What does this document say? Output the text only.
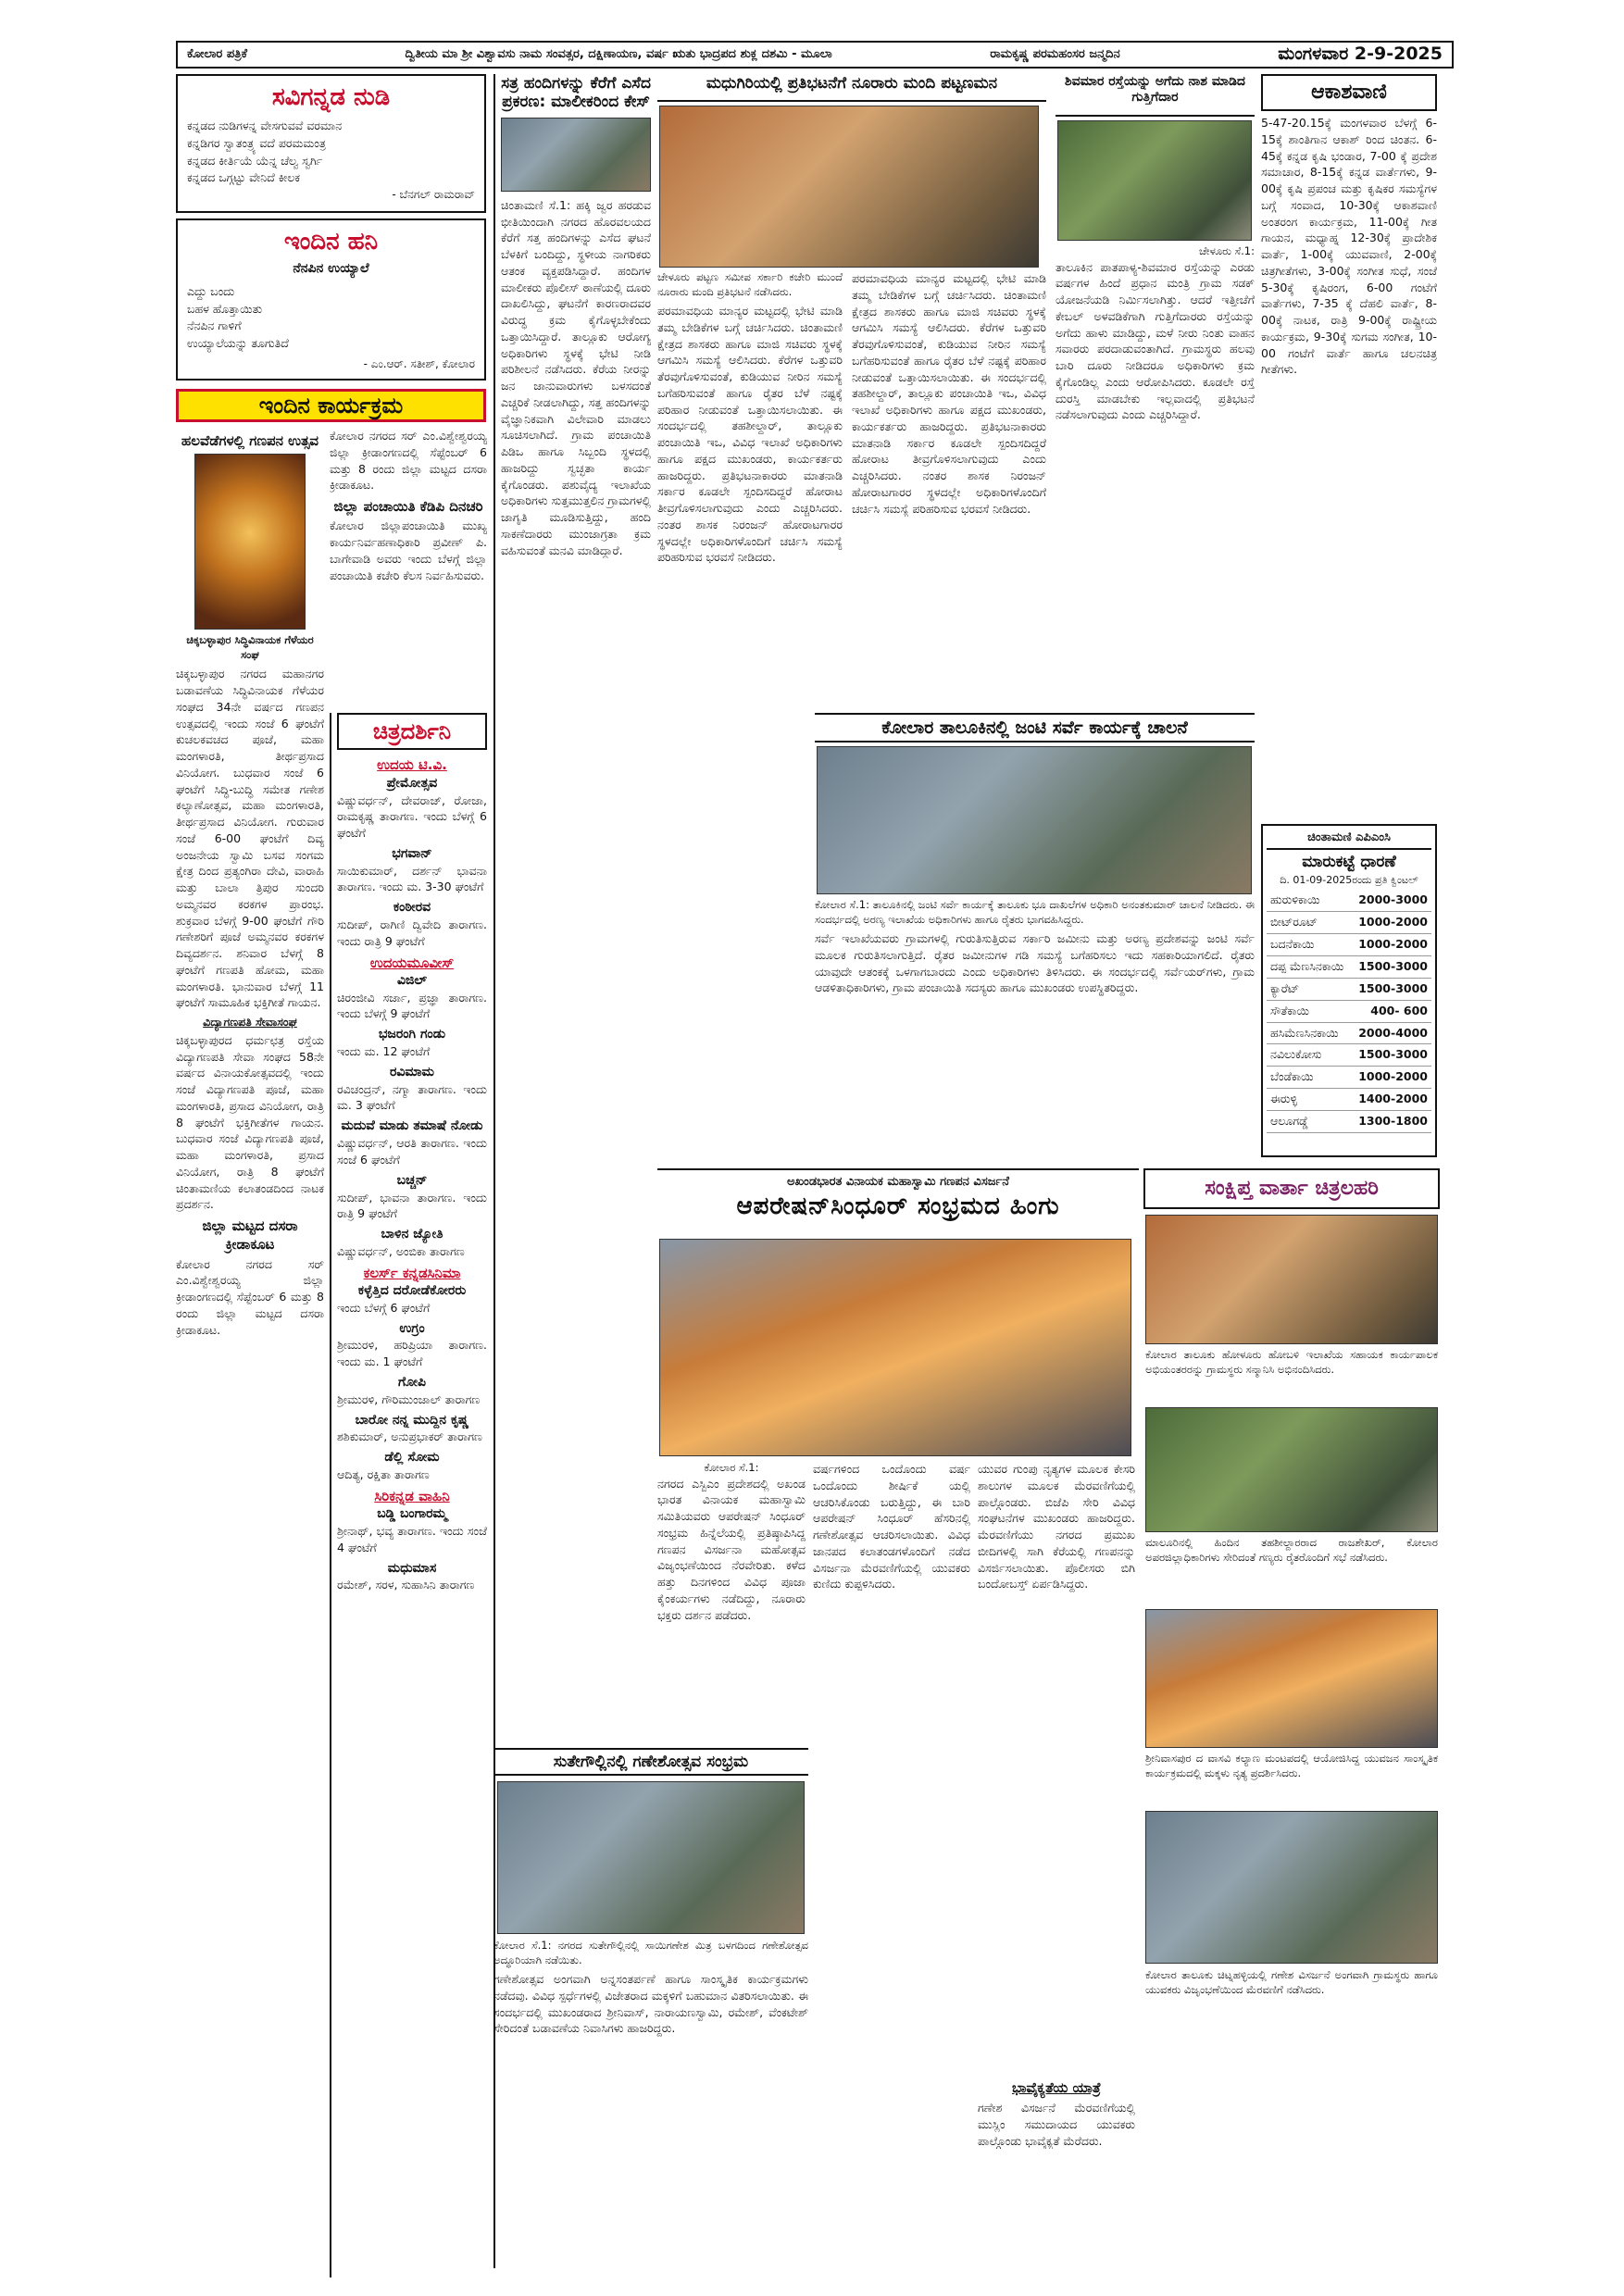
ಕೋಲಾರ ಪತ್ರಿಕೆ	ದ್ವಿತೀಯ ಮಾ ಶ್ರೀ ವಿಶ್ವಾವಸು ನಾಮ ಸಂವತ್ಸರ, ದಕ್ಷಿಣಾಯಣ, ವರ್ಷ ಋತು ಭಾದ್ರಪದ ಶುಕ್ಲ ದಶಮಿ - ಮೂಲಾ	ರಾಮಕೃಷ್ಣ ಪರಮಹಂಸರ ಜನ್ಮದಿನ	ಮಂಗಳವಾರ 2-9-2025
ಸವಿಗನ್ನಡ ನುಡಿ
ಕನ್ನಡದ ನುಡಿಗಳನ್ನ ವೇಸಗುವವೆ ವರಮಾನ
ಕನ್ನಡಿಗರ ಸ್ವಾತಂತ್ರ್ಯ ವದೆ ಪರಮಮಂತ್ರ
ಕನ್ನಡದ ಕೀರ್ತಿಯೆ ಯೆನ್ನ ಚೆಲ್ವ ಸ್ವರ್ಗಿ
ಕನ್ನಡದ ಒಗ್ಗಟ್ಟು ವೇನಿದೆ ಕೀಲಕ
- ಬೆನಗಲ್ ರಾಮರಾವ್
ಇಂದಿನ ಹನಿ
ನೆನಪಿನ ಉಯ್ಯಾಲೆ
ಎದ್ದು ಬಂದು
ಬಹಳ ಹೊತ್ತಾಯಿತು
ನೆನಪಿನ ಗಾಳಿಗೆ
ಉಯ್ಯಾಲೆಯನ್ನು ತೂಗುತಿದೆ
- ಎಂ.ಆರ್. ಸತೀಶ್, ಕೋಲಾರ
ಇಂದಿನ ಕಾರ್ಯಕ್ರಮ
ಹಲವೆಡೆಗಳಲ್ಲಿ ಗಣಪನ ಉತ್ಸವ
ಚಿಕ್ಕಬಳ್ಳಾಪುರ ಸಿದ್ಧಿವಿನಾಯಕ ಗೆಳೆಯರ ಸಂಘ
ಚಿಕ್ಕಬಳ್ಳಾಪುರ ನಗರದ ಮಹಾನಗರ ಬಡಾವಣೆಯ ಸಿದ್ಧಿವಿನಾಯಕ ಗೆಳೆಯರ ಸಂಘದ 34ನೇ ವರ್ಷದ ಗಣಪನ ಉತ್ಸವದಲ್ಲಿ ಇಂದು ಸಂಜೆ 6 ಘಂಟೆಗೆ ಕುಚಲಕವಚದ ಪೂಜೆ, ಮಹಾ ಮಂಗಳಾರತಿ, ತೀರ್ಥಪ್ರಸಾದ ವಿನಿಯೋಗ. ಬುಧವಾರ ಸಂಜೆ 6 ಘಂಟೆಗೆ ಸಿದ್ಧಿ-ಬುದ್ಧಿ ಸಮೇತ ಗಣೇಶ ಕಲ್ಯಾಣೋತ್ಸವ, ಮಹಾ ಮಂಗಳಾರತಿ, ತೀರ್ಥಪ್ರಸಾದ ವಿನಿಯೋಗ. ಗುರುವಾರ ಸಂಜೆ 6-00 ಘಂಟೆಗೆ ದಿವ್ಯ ಅಂಜನೇಯ ಸ್ವಾಮಿ ಬಸವ ಸಂಗಮ ಕ್ಷೇತ್ರ ದಿಂದ ಪ್ರತ್ಯಂಗಿರಾ ದೇವಿ, ವಾರಾಹಿ ಮತ್ತು ಬಾಲಾ ತ್ರಿಪುರ ಸುಂದರಿ ಅಮ್ಮನವರ ಕರಕಗಳ ಪ್ರಾರಂಭ. ಶುಕ್ರವಾರ ಬೆಳಗ್ಗೆ 9-00 ಘಂಟೆಗೆ ಗೌರಿ ಗಣೇಶರಿಗೆ ಪೂಜೆ ಅಮ್ಮನವರ ಕರಕಗಳ ದಿವ್ಯದರ್ಶನ. ಶನಿವಾರ ಬೆಳಗ್ಗೆ 8 ಘಂಟೆಗೆ ಗಣಪತಿ ಹೋಮ, ಮಹಾ ಮಂಗಳಾರತಿ. ಭಾನುವಾರ ಬೆಳಗ್ಗೆ 11 ಘಂಟೆಗೆ ಸಾಮೂಹಿಕ ಭಕ್ತಿಗೀತೆ ಗಾಯನ.
ವಿದ್ಯಾಗಣಪತಿ ಸೇವಾಸಂಘ
ಚಿಕ್ಕಬಳ್ಳಾಪುರದ ಧರ್ಮಛತ್ರ ರಸ್ತೆಯ ವಿದ್ಯಾಗಣಪತಿ ಸೇವಾ ಸಂಘದ 58ನೇ ವರ್ಷದ ವಿನಾಯಕೋತ್ಸವದಲ್ಲಿ ಇಂದು ಸಂಜೆ ವಿದ್ಯಾಗಣಪತಿ ಪೂಜೆ, ಮಹಾ ಮಂಗಳಾರತಿ, ಪ್ರಸಾದ ವಿನಿಯೋಗ, ರಾತ್ರಿ 8 ಘಂಟೆಗೆ ಭಕ್ತಿಗೀತೆಗಳ ಗಾಯನ. ಬುಧವಾರ ಸಂಜೆ ವಿದ್ಯಾಗಣಪತಿ ಪೂಜೆ, ಮಹಾ ಮಂಗಳಾರತಿ, ಪ್ರಸಾದ ವಿನಿಯೋಗ, ರಾತ್ರಿ 8 ಘಂಟೆಗೆ ಚಿಂತಾಮಣಿಯ ಕಲಾತಂಡದಿಂದ ನಾಟಕ ಪ್ರದರ್ಶನ.
ಜಿಲ್ಲಾ ಮಟ್ಟದ ದಸರಾ ಕ್ರೀಡಾಕೂಟ
ಕೋಲಾರ ನಗರದ ಸರ್ ಎಂ.ವಿಶ್ವೇಶ್ವರಯ್ಯ ಜಿಲ್ಲಾ ಕ್ರೀಡಾಂಗಣದಲ್ಲಿ ಸೆಪ್ಟೆಂಬರ್ 6 ಮತ್ತು 8 ರಂದು ಜಿಲ್ಲಾ ಮಟ್ಟದ ದಸರಾ ಕ್ರೀಡಾಕೂಟ.
ಕೋಲಾರ ನಗರದ ಸರ್ ಎಂ.ವಿಶ್ವೇಶ್ವರಯ್ಯ ಜಿಲ್ಲಾ ಕ್ರೀಡಾಂಗಣದಲ್ಲಿ ಸೆಪ್ಟೆಂಬರ್ 6 ಮತ್ತು 8 ರಂದು ಜಿಲ್ಲಾ ಮಟ್ಟದ ದಸರಾ ಕ್ರೀಡಾಕೂಟ.
ಜಿಲ್ಲಾ ಪಂಚಾಯಿತಿ ಕೆಡಿಪಿ ದಿನಚರಿ
ಕೋಲಾರ ಜಿಲ್ಲಾಪಂಚಾಯಿತಿ ಮುಖ್ಯ ಕಾರ್ಯನಿರ್ವಹಣಾಧಿಕಾರಿ ಪ್ರವೀಣ್ ಪಿ. ಬಾಗೇವಾಡಿ ಅವರು ಇಂದು ಬೆಳಗ್ಗೆ ಜಿಲ್ಲಾ ಪಂಚಾಯಿತಿ ಕಚೇರಿ ಕೆಲಸ ನಿರ್ವಹಿಸುವರು.
ಚಿತ್ರದರ್ಶಿನಿ
ಉದಯ ಟಿ.ವಿ.
ಪ್ರೇಮೋತ್ಸವ
ವಿಷ್ಣುವರ್ಧನ್, ದೇವರಾಜ್, ರೋಜಾ, ರಾಮಕೃಷ್ಣ ತಾರಾಗಣ. ಇಂದು ಬೆಳಗ್ಗೆ 6 ಘಂಟೆಗೆ
ಭಗವಾನ್
ಸಾಯಿಕುಮಾರ್, ದರ್ಶನ್ ಭಾವನಾ ತಾರಾಗಣ. ಇಂದು ಮ. 3-30 ಘಂಟೆಗೆ
ಕಂಠೀರವ
ಸುದೀಪ್, ರಾಗಿಣಿ ದ್ವಿವೇದಿ ತಾರಾಗಣ. ಇಂದು ರಾತ್ರಿ 9 ಘಂಟೆಗೆ
ಉದಯಮೂವೀಸ್
ವಿಜಿಲ್
ಚಿರಂಜೀವಿ ಸರ್ಜಾ, ಪ್ರಜ್ಞಾ ತಾರಾಗಣ. ಇಂದು ಬೆಳಗ್ಗೆ 9 ಘಂಟೆಗೆ
ಭಜರಂಗಿ ಗಂಡು
ಇಂದು ಮ. 12 ಘಂಟೆಗೆ
ರವಿಮಾಮ
ರವಿಚಂದ್ರನ್, ನಗ್ಮಾ ತಾರಾಗಣ. ಇಂದು ಮ. 3 ಘಂಟೆಗೆ
ಮದುವೆ ಮಾಡು ತಮಾಷೆ ನೋಡು
ವಿಷ್ಣುವರ್ಧನ್, ಆರತಿ ತಾರಾಗಣ. ಇಂದು ಸಂಜೆ 6 ಘಂಟೆಗೆ
ಬಚ್ಚನ್
ಸುದೀಪ್, ಭಾವನಾ ತಾರಾಗಣ. ಇಂದು ರಾತ್ರಿ 9 ಘಂಟೆಗೆ
ಬಾಳಿನ ಜ್ಯೋತಿ
ವಿಷ್ಣುವರ್ಧನ್, ಅಂಬಿಕಾ ತಾರಾಗಣ
ಕಲರ್ಸ್ ಕನ್ನಡಸಿನಿಮಾ
ಕಳ್ಳೆತ್ತಿದ ದರೋಡೆಕೋರರು
ಇಂದು ಬೆಳಗ್ಗೆ 6 ಘಂಟೆಗೆ
ಉಗ್ರಂ
ಶ್ರೀಮುರಳಿ, ಹರಿಪ್ರಿಯಾ ತಾರಾಗಣ. ಇಂದು ಮ. 1 ಘಂಟೆಗೆ
ಗೋಪಿ
ಶ್ರೀಮುರಳಿ, ಗೌರಿಮುಂಜಾಲ್ ತಾರಾಗಣ
ಬಾರೋ ನನ್ನ ಮುದ್ದಿನ ಕೃಷ್ಣ
ಶಶಿಕುಮಾರ್, ಅನುಪ್ರಭಾಕರ್ ತಾರಾಗಣ
ಡೆಲ್ಲಿ ಸೋಮ
ಆದಿತ್ಯ, ರಕ್ಷಿತಾ ತಾರಾಗಣ
ಸಿರಿಕನ್ನಡ ವಾಹಿನಿ
ಬಡ್ಡಿ ಬಂಗಾರಮ್ಮ
ಶ್ರೀನಾಥ್, ಭವ್ಯ ತಾರಾಗಣ. ಇಂದು ಸಂಜೆ 4 ಘಂಟೆಗೆ
ಮಧುಮಾಸ
ರಮೇಶ್, ಸರಳ, ಸುಹಾಸಿನಿ ತಾರಾಗಣ
ಸತ್ರ ಹಂದಿಗಳನ್ನು ಕೆರೆಗೆ ಎಸೆದ ಪ್ರಕರಣ: ಮಾಲೀಕರಿಂದ ಕೇಸ್
ಚಿಂತಾಮಣಿ ಸೆ.1: ಹಕ್ಕಿ ಜ್ವರ ಹರಡುವ ಭೀತಿಯಿಂದಾಗಿ ನಗರದ ಹೊರವಲಯದ ಕೆರೆಗೆ ಸತ್ತ ಹಂದಿಗಳನ್ನು ಎಸೆದ ಘಟನೆ ಬೆಳಕಿಗೆ ಬಂದಿದ್ದು, ಸ್ಥಳೀಯ ನಾಗರಿಕರು ಆತಂಕ ವ್ಯಕ್ತಪಡಿಸಿದ್ದಾರೆ. ಹಂದಿಗಳ ಮಾಲೀಕರು ಪೊಲೀಸ್ ಠಾಣೆಯಲ್ಲಿ ದೂರು ದಾಖಲಿಸಿದ್ದು, ಘಟನೆಗೆ ಕಾರಣರಾದವರ ವಿರುದ್ಧ ಕ್ರಮ ಕೈಗೊಳ್ಳಬೇಕೆಂದು ಒತ್ತಾಯಿಸಿದ್ದಾರೆ. ತಾಲ್ಲೂಕು ಆರೋಗ್ಯ ಅಧಿಕಾರಿಗಳು ಸ್ಥಳಕ್ಕೆ ಭೇಟಿ ನೀಡಿ ಪರಿಶೀಲನೆ ನಡೆಸಿದರು. ಕೆರೆಯ ನೀರನ್ನು ಜನ ಜಾನುವಾರುಗಳು ಬಳಸದಂತೆ ಎಚ್ಚರಿಕೆ ನೀಡಲಾಗಿದ್ದು, ಸತ್ತ ಹಂದಿಗಳನ್ನು ವೈಜ್ಞಾನಿಕವಾಗಿ ವಿಲೇವಾರಿ ಮಾಡಲು ಸೂಚಿಸಲಾಗಿದೆ. ಗ್ರಾಮ ಪಂಚಾಯಿತಿ ಪಿಡಿಒ ಹಾಗೂ ಸಿಬ್ಬಂದಿ ಸ್ಥಳದಲ್ಲಿ ಹಾಜರಿದ್ದು ಸ್ವಚ್ಛತಾ ಕಾರ್ಯ ಕೈಗೊಂಡರು. ಪಶುವೈದ್ಯ ಇಲಾಖೆಯ ಅಧಿಕಾರಿಗಳು ಸುತ್ತಮುತ್ತಲಿನ ಗ್ರಾಮಗಳಲ್ಲಿ ಜಾಗೃತಿ ಮೂಡಿಸುತ್ತಿದ್ದು, ಹಂದಿ ಸಾಕಣೆದಾರರು ಮುಂಜಾಗ್ರತಾ ಕ್ರಮ ವಹಿಸುವಂತೆ ಮನವಿ ಮಾಡಿದ್ದಾರೆ.
ಮಧುಗಿರಿಯಲ್ಲಿ ಪ್ರತಿಭಟನೆಗೆ ನೂರಾರು ಮಂದಿ ಪಟ್ಟಣಮನ
ಚೇಳೂರು ಪಟ್ಟಣ ಸಮೀಪ ಸರ್ಕಾರಿ ಕಚೇರಿ ಮುಂದೆ ನೂರಾರು ಮಂದಿ ಪ್ರತಿಭಟನೆ ನಡೆಸಿದರು.
ಪರಮಾವಧಿಯ ಮಾನ್ಯರ ಮಟ್ಟದಲ್ಲಿ ಭೇಟಿ ಮಾಡಿ ತಮ್ಮ ಬೇಡಿಕೆಗಳ ಬಗ್ಗೆ ಚರ್ಚಿಸಿದರು. ಚಿಂತಾಮಣಿ ಕ್ಷೇತ್ರದ ಶಾಸಕರು ಹಾಗೂ ಮಾಜಿ ಸಚಿವರು ಸ್ಥಳಕ್ಕೆ ಆಗಮಿಸಿ ಸಮಸ್ಯೆ ಆಲಿಸಿದರು. ಕೆರೆಗಳ ಒತ್ತುವರಿ ತೆರವುಗೊಳಿಸುವಂತೆ, ಕುಡಿಯುವ ನೀರಿನ ಸಮಸ್ಯೆ ಬಗೆಹರಿಸುವಂತೆ ಹಾಗೂ ರೈತರ ಬೆಳೆ ನಷ್ಟಕ್ಕೆ ಪರಿಹಾರ ನೀಡುವಂತೆ ಒತ್ತಾಯಿಸಲಾಯಿತು. ಈ ಸಂದರ್ಭದಲ್ಲಿ ತಹಶೀಲ್ದಾರ್, ತಾಲ್ಲೂಕು ಪಂಚಾಯಿತಿ ಇಒ, ವಿವಿಧ ಇಲಾಖೆ ಅಧಿಕಾರಿಗಳು ಹಾಗೂ ಪಕ್ಷದ ಮುಖಂಡರು, ಕಾರ್ಯಕರ್ತರು ಹಾಜರಿದ್ದರು. ಪ್ರತಿಭಟನಾಕಾರರು ಮಾತನಾಡಿ ಸರ್ಕಾರ ಕೂಡಲೇ ಸ್ಪಂದಿಸದಿದ್ದರೆ ಹೋರಾಟ ತೀವ್ರಗೊಳಿಸಲಾಗುವುದು ಎಂದು ಎಚ್ಚರಿಸಿದರು. ನಂತರ ಶಾಸಕ ನಿರಂಜನ್ ಹೋರಾಟಗಾರರ ಸ್ಥಳದಲ್ಲೇ ಅಧಿಕಾರಿಗಳೊಂದಿಗೆ ಚರ್ಚಿಸಿ ಸಮಸ್ಯೆ ಪರಿಹರಿಸುವ ಭರವಸೆ ನೀಡಿದರು.
ಪರಮಾವಧಿಯ ಮಾನ್ಯರ ಮಟ್ಟದಲ್ಲಿ ಭೇಟಿ ಮಾಡಿ ತಮ್ಮ ಬೇಡಿಕೆಗಳ ಬಗ್ಗೆ ಚರ್ಚಿಸಿದರು. ಚಿಂತಾಮಣಿ ಕ್ಷೇತ್ರದ ಶಾಸಕರು ಹಾಗೂ ಮಾಜಿ ಸಚಿವರು ಸ್ಥಳಕ್ಕೆ ಆಗಮಿಸಿ ಸಮಸ್ಯೆ ಆಲಿಸಿದರು. ಕೆರೆಗಳ ಒತ್ತುವರಿ ತೆರವುಗೊಳಿಸುವಂತೆ, ಕುಡಿಯುವ ನೀರಿನ ಸಮಸ್ಯೆ ಬಗೆಹರಿಸುವಂತೆ ಹಾಗೂ ರೈತರ ಬೆಳೆ ನಷ್ಟಕ್ಕೆ ಪರಿಹಾರ ನೀಡುವಂತೆ ಒತ್ತಾಯಿಸಲಾಯಿತು. ಈ ಸಂದರ್ಭದಲ್ಲಿ ತಹಶೀಲ್ದಾರ್, ತಾಲ್ಲೂಕು ಪಂಚಾಯಿತಿ ಇಒ, ವಿವಿಧ ಇಲಾಖೆ ಅಧಿಕಾರಿಗಳು ಹಾಗೂ ಪಕ್ಷದ ಮುಖಂಡರು, ಕಾರ್ಯಕರ್ತರು ಹಾಜರಿದ್ದರು. ಪ್ರತಿಭಟನಾಕಾರರು ಮಾತನಾಡಿ ಸರ್ಕಾರ ಕೂಡಲೇ ಸ್ಪಂದಿಸದಿದ್ದರೆ ಹೋರಾಟ ತೀವ್ರಗೊಳಿಸಲಾಗುವುದು ಎಂದು ಎಚ್ಚರಿಸಿದರು. ನಂತರ ಶಾಸಕ ನಿರಂಜನ್ ಹೋರಾಟಗಾರರ ಸ್ಥಳದಲ್ಲೇ ಅಧಿಕಾರಿಗಳೊಂದಿಗೆ ಚರ್ಚಿಸಿ ಸಮಸ್ಯೆ ಪರಿಹರಿಸುವ ಭರವಸೆ ನೀಡಿದರು.
ಶಿವಮಾರ ರಸ್ತೆಯನ್ನು ಅಗೆದು ನಾಶ ಮಾಡಿದ ಗುತ್ತಿಗೆದಾರ
ಚೇಳೂರು ಸೆ.1:
ತಾಲೂಕಿನ ಪಾತಪಾಳ್ಯ-ಶಿವಮಾರ ರಸ್ತೆಯನ್ನು ಎರಡು ವರ್ಷಗಳ ಹಿಂದೆ ಪ್ರಧಾನ ಮಂತ್ರಿ ಗ್ರಾಮ ಸಡಕ್ ಯೋಜನೆಯಡಿ ನಿರ್ಮಿಸಲಾಗಿತ್ತು. ಆದರೆ ಇತ್ತೀಚೆಗೆ ಕೇಬಲ್ ಅಳವಡಿಕೆಗಾಗಿ ಗುತ್ತಿಗೆದಾರರು ರಸ್ತೆಯನ್ನು ಅಗೆದು ಹಾಳು ಮಾಡಿದ್ದು, ಮಳೆ ನೀರು ನಿಂತು ವಾಹನ ಸವಾರರು ಪರದಾಡುವಂತಾಗಿದೆ. ಗ್ರಾಮಸ್ಥರು ಹಲವು ಬಾರಿ ದೂರು ನೀಡಿದರೂ ಅಧಿಕಾರಿಗಳು ಕ್ರಮ ಕೈಗೊಂಡಿಲ್ಲ ಎಂದು ಆರೋಪಿಸಿದರು. ಕೂಡಲೇ ರಸ್ತೆ ದುರಸ್ತಿ ಮಾಡಬೇಕು ಇಲ್ಲವಾದಲ್ಲಿ ಪ್ರತಿಭಟನೆ ನಡೆಸಲಾಗುವುದು ಎಂದು ಎಚ್ಚರಿಸಿದ್ದಾರೆ.
ಆಕಾಶವಾಣಿ
5-47-20.15ಕ್ಕೆ ಮಂಗಳವಾರ ಬೆಳಗ್ಗೆ 6-15ಕ್ಕೆ ಶಾಂತಿಗಾನ ಆಕಾಶ್ ರಿಂದ ಚಿಂತನ. 6-45ಕ್ಕೆ ಕನ್ನಡ ಕೃಷಿ ಭಂಡಾರ, 7-00 ಕ್ಕೆ ಪ್ರದೇಶ ಸಮಾಚಾರ, 8-15ಕ್ಕೆ ಕನ್ನಡ ವಾರ್ತೆಗಳು, 9-00ಕ್ಕೆ ಕೃಷಿ ಪ್ರಪಂಚ ಮತ್ತು ಕೃಷಿಕರ ಸಮಸ್ಯೆಗಳ ಬಗ್ಗೆ ಸಂವಾದ, 10-30ಕ್ಕೆ ಆಕಾಶವಾಣಿ ಅಂತರಂಗ ಕಾರ್ಯಕ್ರಮ, 11-00ಕ್ಕೆ ಗೀತ ಗಾಯನ, ಮಧ್ಯಾಹ್ನ 12-30ಕ್ಕೆ ಪ್ರಾದೇಶಿಕ ವಾರ್ತೆ, 1-00ಕ್ಕೆ ಯುವವಾಣಿ, 2-00ಕ್ಕೆ ಚಿತ್ರಗೀತೆಗಳು, 3-00ಕ್ಕೆ ಸಂಗೀತ ಸುಧೆ, ಸಂಜೆ 5-30ಕ್ಕೆ ಕೃಷಿರಂಗ, 6-00 ಗಂಟೆಗೆ ವಾರ್ತೆಗಳು, 7-35 ಕ್ಕೆ ದೆಹಲಿ ವಾರ್ತೆ, 8-00ಕ್ಕೆ ನಾಟಕ, ರಾತ್ರಿ 9-00ಕ್ಕೆ ರಾಷ್ಟ್ರೀಯ ಕಾರ್ಯಕ್ರಮ, 9-30ಕ್ಕೆ ಸುಗಮ ಸಂಗೀತ, 10-00 ಗಂಟೆಗೆ ವಾರ್ತೆ ಹಾಗೂ ಚಲನಚಿತ್ರ ಗೀತೆಗಳು.
ಚಿಂತಾಮಣಿ ಎಪಿಎಂಸಿ
ಮಾರುಕಟ್ಟೆ ಧಾರಣೆ
ದಿ. 01-09-2025ರಂದು ಪ್ರತಿ ಕ್ವಿಂಟಲ್
ಹುರುಳಿಕಾಯಿ	2000-3000
ಬೀಟ್‌ರೂಟ್	1000-2000
ಬದನೆಕಾಯಿ	1000-2000
ದಪ್ಪ ಮೆಣಸಿನಕಾಯಿ	1500-3000
ಕ್ಯಾರೆಟ್	1500-3000
ಸೌತೆಕಾಯಿ	400- 600
ಹಸಿಮೆಣಸಿನಕಾಯಿ	2000-4000
ನವಿಲುಕೋಸು	1500-3000
ಬೆಂಡೆಕಾಯಿ	1000-2000
ಈರುಳ್ಳಿ	1400-2000
ಆಲೂಗಡ್ಡೆ	1300-1800
ಕೋಲಾರ ತಾಲೂಕಿನಲ್ಲಿ ಜಂಟಿ ಸರ್ವೆ ಕಾರ್ಯಕ್ಕೆ ಚಾಲನೆ
ಕೋಲಾರ ಸೆ.1: ತಾಲೂಕಿನಲ್ಲಿ ಜಂಟಿ ಸರ್ವೆ ಕಾರ್ಯಕ್ಕೆ ತಾಲೂಕು ಭೂ ದಾಖಲೆಗಳ ಅಧಿಕಾರಿ ಅನಂತಕುಮಾರ್ ಚಾಲನೆ ನೀಡಿದರು. ಈ ಸಂದರ್ಭದಲ್ಲಿ ಅರಣ್ಯ ಇಲಾಖೆಯ ಅಧಿಕಾರಿಗಳು ಹಾಗೂ ರೈತರು ಭಾಗವಹಿಸಿದ್ದರು.
ಸರ್ವೆ ಇಲಾಖೆಯವರು ಗ್ರಾಮಗಳಲ್ಲಿ ಗುರುತಿಸುತ್ತಿರುವ ಸರ್ಕಾರಿ ಜಮೀನು ಮತ್ತು ಅರಣ್ಯ ಪ್ರದೇಶವನ್ನು ಜಂಟಿ ಸರ್ವೆ ಮೂಲಕ ಗುರುತಿಸಲಾಗುತ್ತಿದೆ. ರೈತರ ಜಮೀನುಗಳ ಗಡಿ ಸಮಸ್ಯೆ ಬಗೆಹರಿಸಲು ಇದು ಸಹಕಾರಿಯಾಗಲಿದೆ. ರೈತರು ಯಾವುದೇ ಆತಂಕಕ್ಕೆ ಒಳಗಾಗಬಾರದು ಎಂದು ಅಧಿಕಾರಿಗಳು ತಿಳಿಸಿದರು. ಈ ಸಂದರ್ಭದಲ್ಲಿ ಸರ್ವೆಯರ್‌ಗಳು, ಗ್ರಾಮ ಆಡಳಿತಾಧಿಕಾರಿಗಳು, ಗ್ರಾಮ ಪಂಚಾಯಿತಿ ಸದಸ್ಯರು ಹಾಗೂ ಮುಖಂಡರು ಉಪಸ್ಥಿತರಿದ್ದರು.
ಅಖಂಡಭಾರತ ವಿನಾಯಕ ಮಹಾಸ್ವಾಮಿ ಗಣಪನ ವಿಸರ್ಜನೆ
ಆಪರೇಷನ್‌ಸಿಂಧೂರ್ ಸಂಭ್ರಮದ ಹಿಂಗು
ಕೋಲಾರ ಸೆ.1:
ನಗರದ ಎಸ್ಬಿಎಂ ಪ್ರದೇಶದಲ್ಲಿ ಅಖಂಡ ಭಾರತ ವಿನಾಯಕ ಮಹಾಸ್ವಾಮಿ ಸಮಿತಿಯವರು ಆಪರೇಷನ್ ಸಿಂಧೂರ್ ಸಂಭ್ರಮ ಹಿನ್ನೆಲೆಯಲ್ಲಿ ಪ್ರತಿಷ್ಠಾಪಿಸಿದ್ದ ಗಣಪನ ವಿಸರ್ಜನಾ ಮಹೋತ್ಸವ ವಿಜೃಂಭಣೆಯಿಂದ ನೆರವೇರಿತು. ಕಳೆದ ಹತ್ತು ದಿನಗಳಿಂದ ವಿವಿಧ ಪೂಜಾ ಕೈಂಕರ್ಯಗಳು ನಡೆದಿದ್ದು, ನೂರಾರು ಭಕ್ತರು ದರ್ಶನ ಪಡೆದರು.
ವರ್ಷಗಳಿಂದ ಒಂದೊಂದು ವರ್ಷ ಒಂದೊಂದು ಶೀರ್ಷಿಕೆ ಯಲ್ಲಿ ಆಚರಿಸಿಕೊಂಡು ಬರುತ್ತಿದ್ದು, ಈ ಬಾರಿ ಆಪರೇಷನ್ ಸಿಂಧೂರ್ ಹೆಸರಿನಲ್ಲಿ ಗಣೇಶೋತ್ಸವ ಆಚರಿಸಲಾಯಿತು. ವಿವಿಧ ಜಾನಪದ ಕಲಾತಂಡಗಳೊಂದಿಗೆ ನಡೆದ ವಿಸರ್ಜನಾ ಮೆರವಣಿಗೆಯಲ್ಲಿ ಯುವಕರು ಕುಣಿದು ಕುಪ್ಪಳಿಸಿದರು.
ಯುವರ ಗುಂಪು ನೃತ್ಯಗಳ ಮೂಲಕ ಕೇಸರಿ ಶಾಲುಗಳ ಮೂಲಕ ಮೆರವಣಿಗೆಯಲ್ಲಿ ಪಾಲ್ಗೊಂಡರು. ಬಿಜೆಪಿ ಸೇರಿ ವಿವಿಧ ಸಂಘಟನೆಗಳ ಮುಖಂಡರು ಹಾಜರಿದ್ದರು. ಮೆರವಣಿಗೆಯು ನಗರದ ಪ್ರಮುಖ ಬೀದಿಗಳಲ್ಲಿ ಸಾಗಿ ಕೆರೆಯಲ್ಲಿ ಗಣಪನನ್ನು ವಿಸರ್ಜಿಸಲಾಯಿತು. ಪೊಲೀಸರು ಬಿಗಿ ಬಂದೋಬಸ್ತ್ ಏರ್ಪಡಿಸಿದ್ದರು.
ಸುತೇಗೌಲ್ಲಿನಲ್ಲಿ ಗಣೇಶೋತ್ಸವ ಸಂಭ್ರಮ
ಕೋಲಾರ ಸೆ.1: ನಗರದ ಸುತೇಗೌಲ್ಲಿನಲ್ಲಿ ಸಾಯಿಗಣೇಶ ಮಿತ್ರ ಬಳಗದಿಂದ ಗಣೇಶೋತ್ಸವ ಅದ್ಧೂರಿಯಾಗಿ ನಡೆಯಿತು.
ಗಣೇಶೋತ್ಸವ ಅಂಗವಾಗಿ ಅನ್ನಸಂತರ್ಪಣೆ ಹಾಗೂ ಸಾಂಸ್ಕೃತಿಕ ಕಾರ್ಯಕ್ರಮಗಳು ನಡೆದವು. ವಿವಿಧ ಸ್ಪರ್ಧೆಗಳಲ್ಲಿ ವಿಜೇತರಾದ ಮಕ್ಕಳಿಗೆ ಬಹುಮಾನ ವಿತರಿಸಲಾಯಿತು. ಈ ಸಂದರ್ಭದಲ್ಲಿ ಮುಖಂಡರಾದ ಶ್ರೀನಿವಾಸ್, ನಾರಾಯಣಸ್ವಾಮಿ, ರಮೇಶ್, ವೆಂಕಟೇಶ್ ಸೇರಿದಂತೆ ಬಡಾವಣೆಯ ನಿವಾಸಿಗಳು ಹಾಜರಿದ್ದರು.
ಭಾವೈಕ್ಯತೆಯ ಯಾತ್ರೆ
ಗಣೇಶ ವಿಸರ್ಜನೆ ಮೆರವಣಿಗೆಯಲ್ಲಿ ಮುಸ್ಲಿಂ ಸಮುದಾಯದ ಯುವಕರು ಪಾಲ್ಗೊಂಡು ಭಾವೈಕ್ಯತೆ ಮೆರೆದರು.
ಸಂಕ್ಷಿಪ್ತ ವಾರ್ತಾ ಚಿತ್ರಲಹರಿ
ಕೋಲಾರ ತಾಲೂಕು ಹೋಳೂರು ಹೋಬಳಿ ಇಲಾಖೆಯ ಸಹಾಯಕ ಕಾರ್ಯಪಾಲಕ ಅಭಿಯಂತರರನ್ನು ಗ್ರಾಮಸ್ಥರು ಸನ್ಮಾನಿಸಿ ಅಭಿನಂದಿಸಿದರು.
ಮಾಲೂರಿನಲ್ಲಿ ಹಿಂದಿನ ತಹಶೀಲ್ದಾರರಾದ ರಾಜಶೇಖರ್, ಕೋಲಾರ ಅಪರಜಿಲ್ಲಾಧಿಕಾರಿಗಳು ಸೇರಿದಂತೆ ಗಣ್ಯರು ರೈತರೊಂದಿಗೆ ಸಭೆ ನಡೆಸಿದರು.
ಶ್ರೀನಿವಾಸಪುರ ದ ವಾಸವಿ ಕಲ್ಯಾಣ ಮಂಟಪದಲ್ಲಿ ಆಯೋಜಿಸಿದ್ದ ಯುವಜನ ಸಾಂಸ್ಕೃತಿಕ ಕಾರ್ಯಕ್ರಮದಲ್ಲಿ ಮಕ್ಕಳು ನೃತ್ಯ ಪ್ರದರ್ಶಿಸಿದರು.
ಕೋಲಾರ ತಾಲೂಕು ಚಿಟ್ನಹಳ್ಳಿಯಲ್ಲಿ ಗಣೇಶ ವಿಸರ್ಜನೆ ಅಂಗವಾಗಿ ಗ್ರಾಮಸ್ಥರು ಹಾಗೂ ಯುವಕರು ವಿಜೃಂಭಣೆಯಿಂದ ಮೆರವಣಿಗೆ ನಡೆಸಿದರು.
